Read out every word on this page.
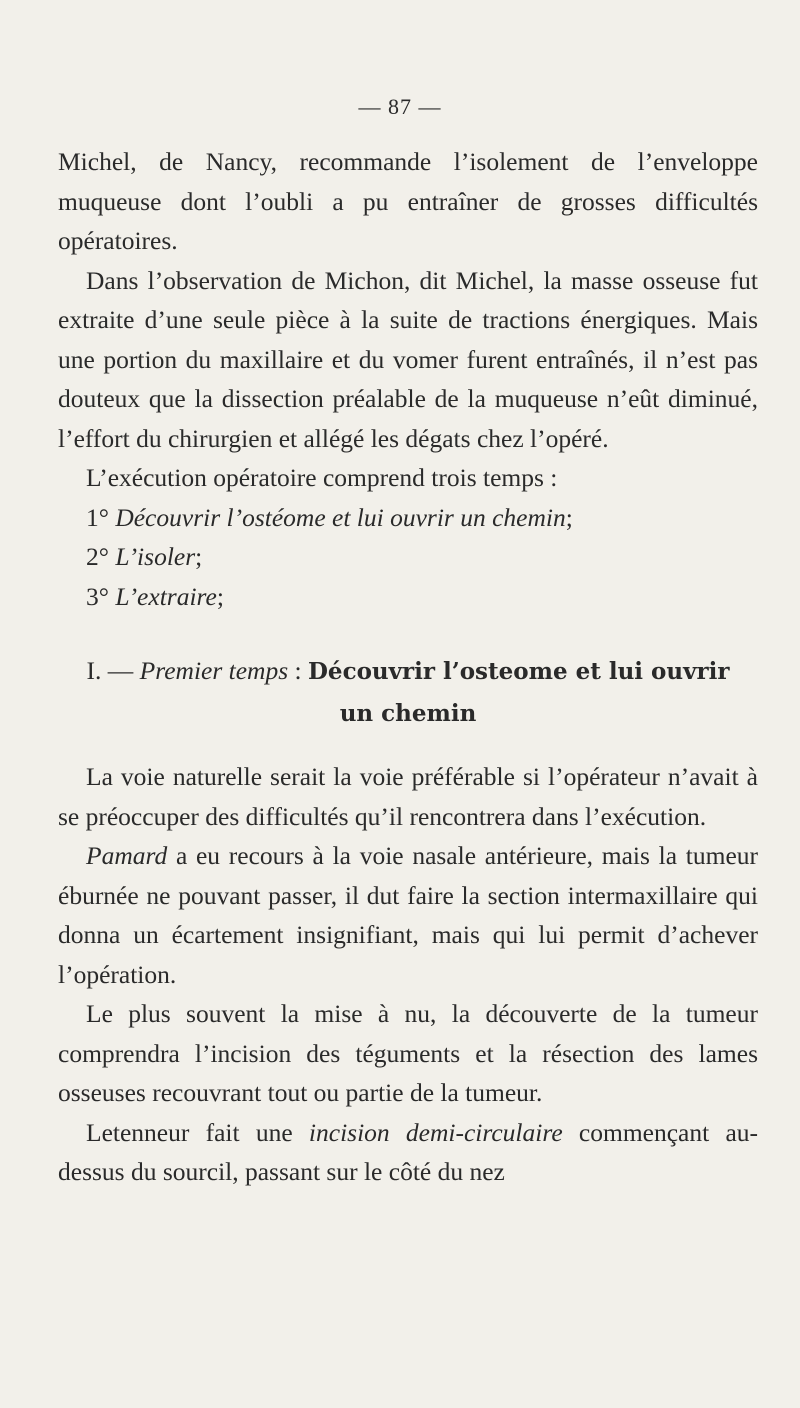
— 87 —

Michel, de Nancy, recommande l’isolement de l’enveloppe muqueuse dont l’oubli a pu entraîner de grosses difficultés opératoires.

Dans l’observation de Michon, dit Michel, la masse osseuse fut extraite d’une seule pièce à la suite de tractions énergiques. Mais une portion du maxillaire et du vomer furent entraînés, il n’est pas douteux que la dissection préalable de la muqueuse n’eût diminué, l’effort du chirurgien et allégé les dégats chez l’opéré.

L’exécution opératoire comprend trois temps :

1° Découvrir l’ostéome et lui ouvrir un chemin;

2° L’isoler;

3° L’extraire;

I. — Premier temps : Découvrir l’osteome et lui ouvrir
un chemin

La voie naturelle serait la voie préférable si l’opérateur n’avait à se préoccuper des difficultés qu’il rencontrera dans l’exécution.

Pamard a eu recours à la voie nasale antérieure, mais la tumeur éburnée ne pouvant passer, il dut faire la section intermaxillaire qui donna un écartement insignifiant, mais qui lui permit d’achever l’opération.

Le plus souvent la mise à nu, la découverte de la tumeur comprendra l’incision des téguments et la résection des lames osseuses recouvrant tout ou partie de la tumeur.

Letenneur fait une incision demi-circulaire commençant au-dessus du sourcil, passant sur le côté du nez
